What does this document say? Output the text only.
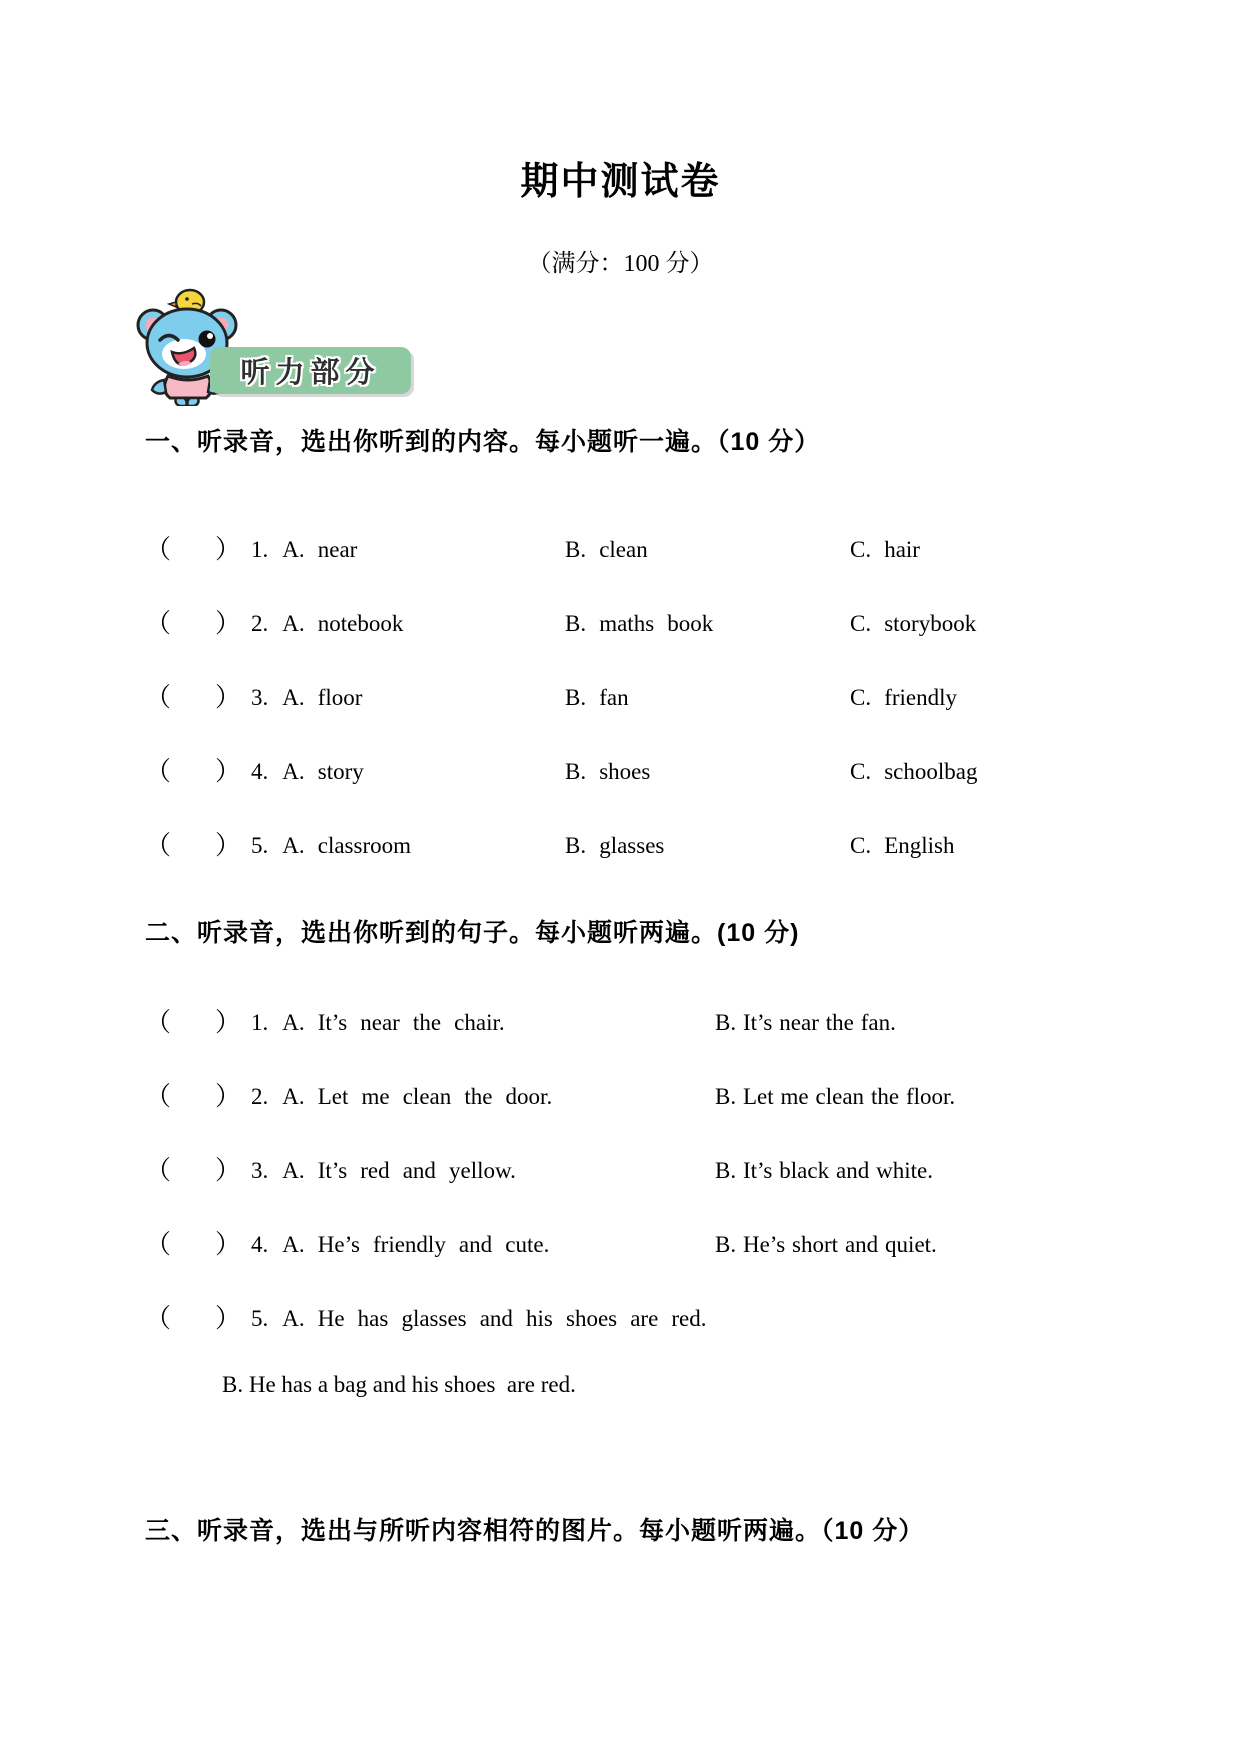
期中测试卷
（满分：100 分）
听力部分
一、听录音，选出你听到的内容。每小题听一遍。（10 分）
（ ） 1. A. near	B. clean	C. hair
（ ） 2. A. notebook	B. maths book	C. storybook
（ ） 3. A. floor	B. fan	C. friendly
（ ） 4. A. story	B. shoes	C. schoolbag
（ ） 5. A. classroom	B. glasses	C. English
二、听录音，选出你听到的句子。每小题听两遍。(10 分)
（ ） 1. A. It’s near the chair.	B. It’s near the fan.
（ ） 2. A. Let me clean the door.	B. Let me clean the floor.
（ ） 3. A. It’s red and yellow.	B. It’s black and white.
（ ） 4. A. He’s friendly and cute.	B. He’s short and quiet.
（ ） 5. A. He has glasses and his shoes are red.
B. He has a bag and his shoes  are red.
三、听录音，选出与所听内容相符的图片。每小题听两遍。（10 分）
